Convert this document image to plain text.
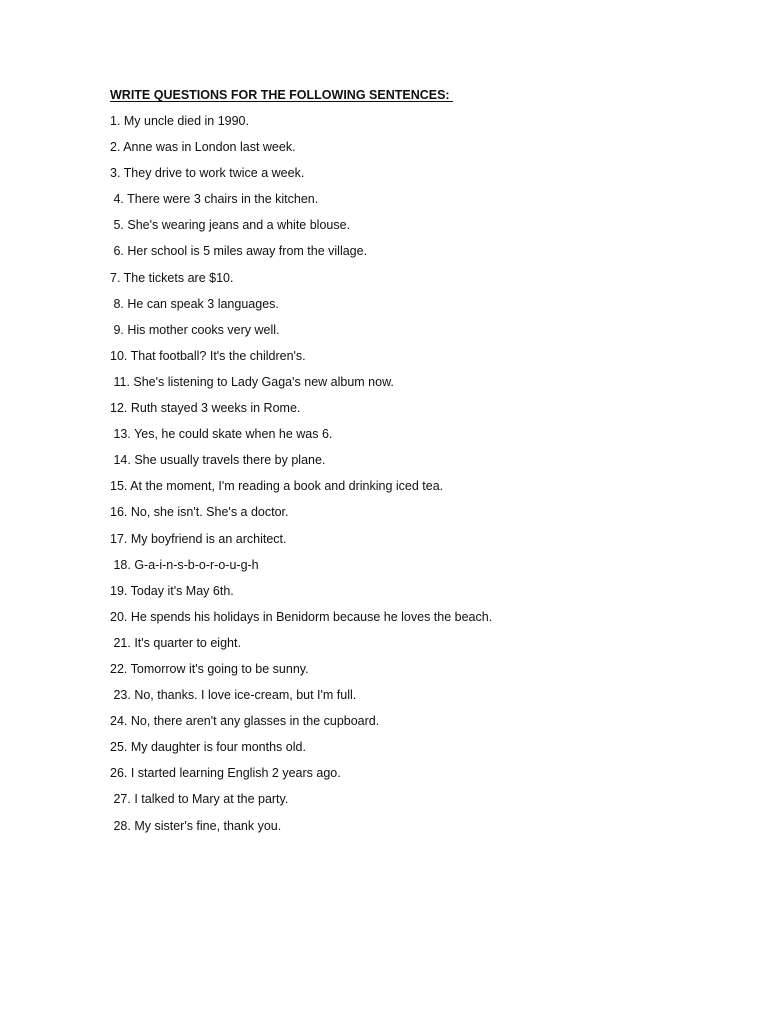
WRITE QUESTIONS FOR THE FOLLOWING SENTENCES:
1. My uncle died in 1990.
2. Anne was in London last week.
3. They drive to work twice a week.
4. There were 3 chairs in the kitchen.
5. She's wearing jeans and a white blouse.
6. Her school is 5 miles away from the village.
7. The tickets are $10.
8. He can speak 3 languages.
9. His mother cooks very well.
10. That football? It's the children's.
11. She's listening to Lady Gaga's new album now.
12. Ruth stayed 3 weeks in Rome.
13. Yes, he could skate when he was 6.
14. She usually travels there by plane.
15. At the moment, I'm reading a book and drinking iced tea.
16. No, she isn't. She's a doctor.
17. My boyfriend is an architect.
18. G-a-i-n-s-b-o-r-o-u-g-h
19. Today it's May 6th.
20. He spends his holidays in Benidorm because he loves the beach.
21. It's quarter to eight.
22. Tomorrow it's going to be sunny.
23. No, thanks. I love ice-cream, but I'm full.
24. No, there aren't any glasses in the cupboard.
25. My daughter is four months old.
26. I started learning English 2 years ago.
27. I talked to Mary at the party.
28. My sister's fine, thank you.
